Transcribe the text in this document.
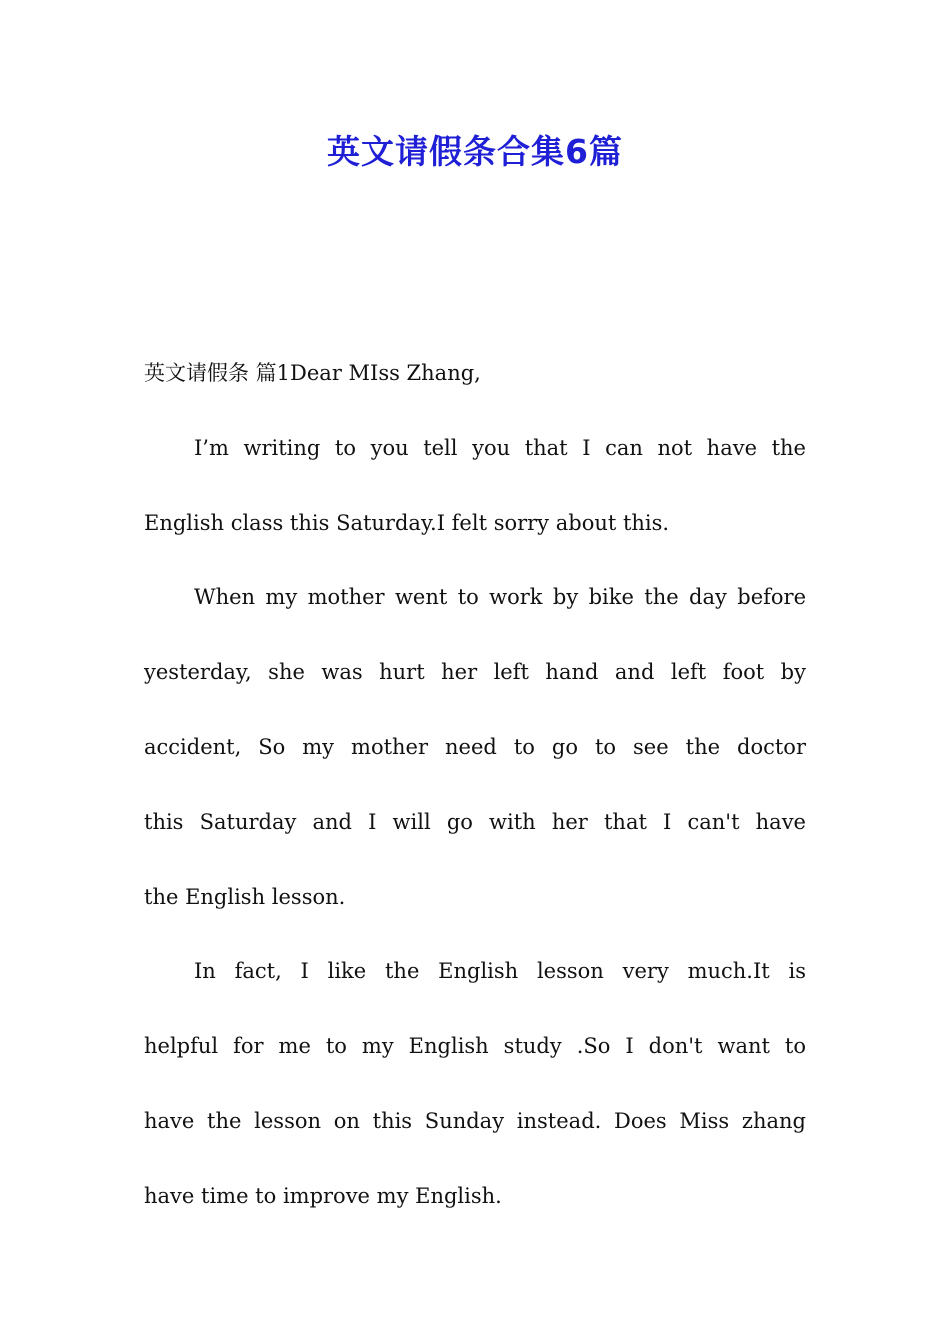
英文请假条合集6篇
英文请假条 篇1Dear MIss Zhang,
I’m writing to you tell you that I can not have the
English class this Saturday.I felt sorry about this.
When my mother went to work by bike the day before
yesterday, she was hurt her left hand and left foot by
accident, So my mother need to go to see the doctor
this Saturday and I will go with her that I can't have
the English lesson.
In fact, I like the English lesson very much.It is
helpful for me to my English study .So I don't want to
have the lesson on this Sunday instead. Does Miss zhang
have time to improve my English.
